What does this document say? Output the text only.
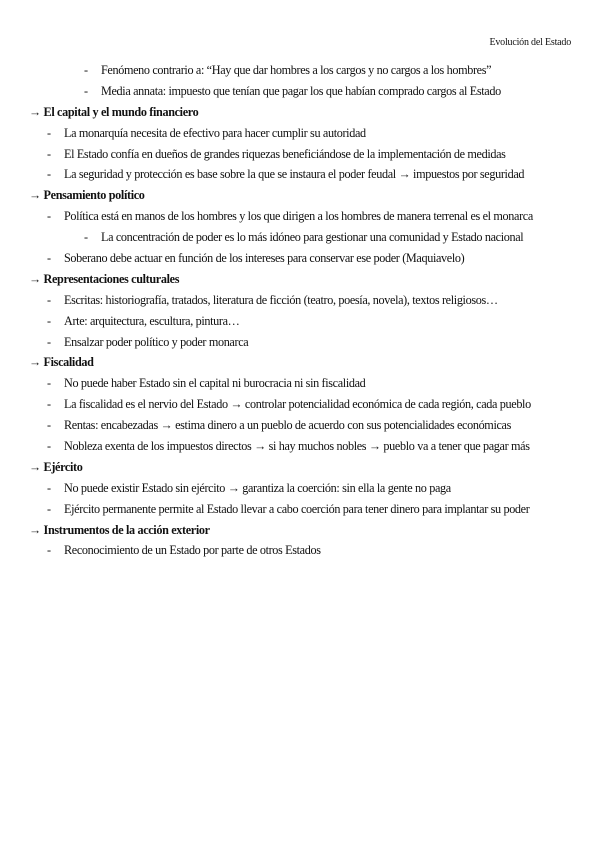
Evolución del Estado
- Fenómeno contrario a: “Hay que dar hombres a los cargos y no cargos a los hombres”
- Media annata: impuesto que tenían que pagar los que habían comprado cargos al Estado
→ El capital y el mundo financiero
- La monarquía necesita de efectivo para hacer cumplir su autoridad
- El Estado confía en dueños de grandes riquezas beneficiándose de la implementación de medidas
- La seguridad y protección es base sobre la que se instaura el poder feudal → impuestos por seguridad
→ Pensamiento político
- Política está en manos de los hombres y los que dirigen a los hombres de manera terrenal es el monarca
- La concentración de poder es lo más idóneo para gestionar una comunidad y Estado nacional
- Soberano debe actuar en función de los intereses para conservar ese poder (Maquiavelo)
→ Representaciones culturales
- Escritas: historiografía, tratados, literatura de ficción (teatro, poesía, novela), textos religiosos…
- Arte: arquitectura, escultura, pintura…
- Ensalzar poder político y poder monarca
→ Fiscalidad
- No puede haber Estado sin el capital ni burocracia ni sin fiscalidad
- La fiscalidad es el nervio del Estado → controlar potencialidad económica de cada región, cada pueblo
- Rentas: encabezadas → estima dinero a un pueblo de acuerdo con sus potencialidades económicas
- Nobleza exenta de los impuestos directos → si hay muchos nobles → pueblo va a tener que pagar más
→ Ejército
- No puede existir Estado sin ejército → garantiza la coerción: sin ella la gente no paga
- Ejército permanente permite al Estado llevar a cabo coerción para tener dinero para implantar su poder
→ Instrumentos de la acción exterior
- Reconocimiento de un Estado por parte de otros Estados
